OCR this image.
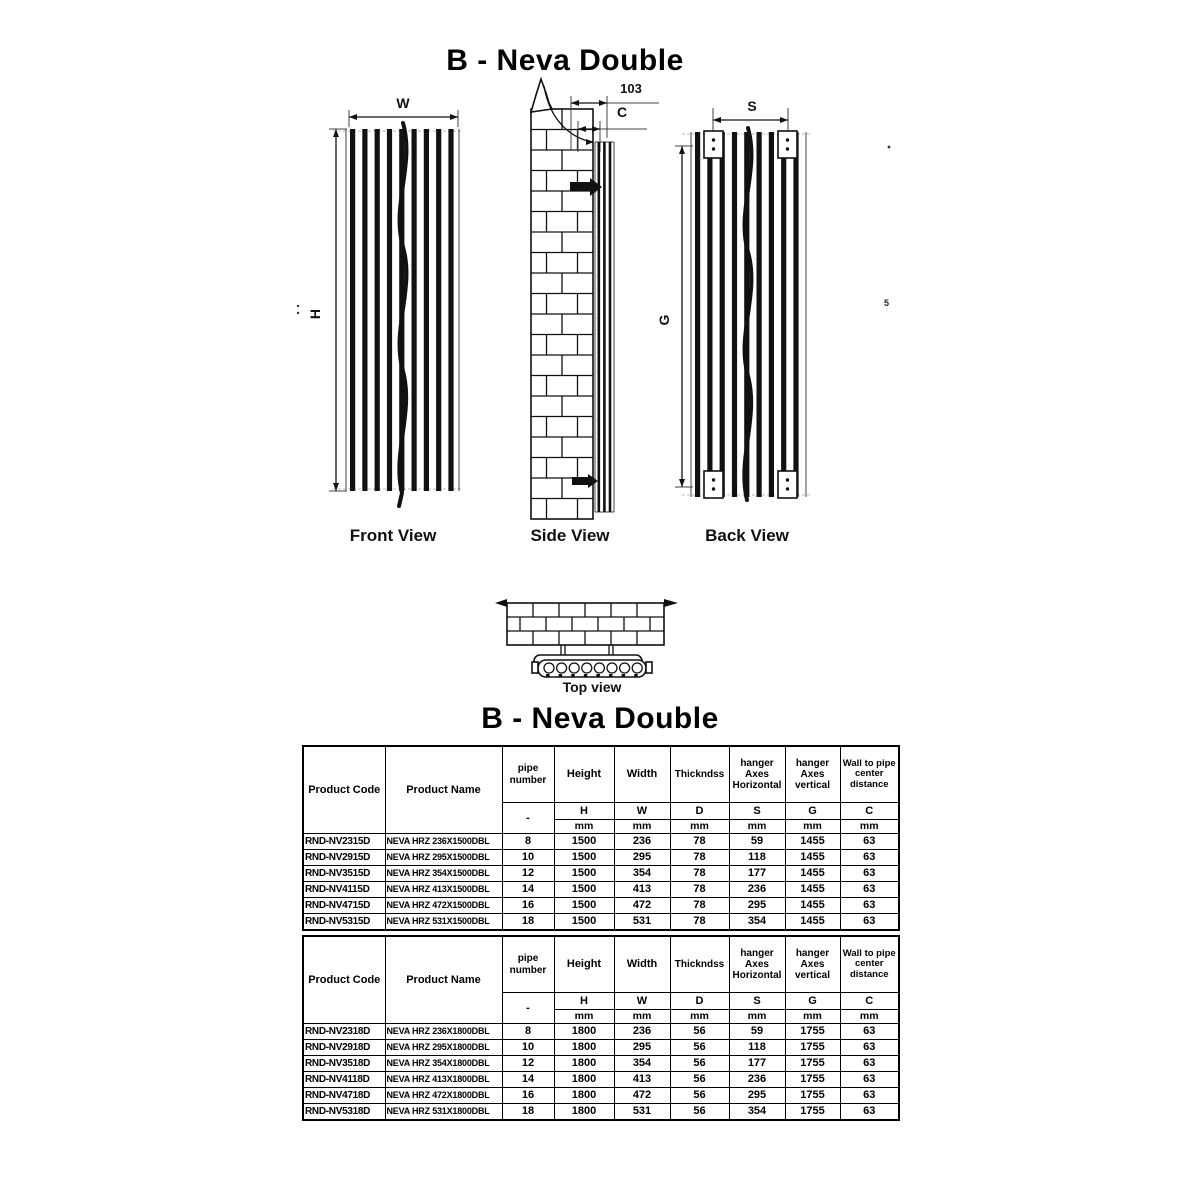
B - Neva Double
W
H
Front View
103
C
Side View
S
G
Back View
5
Top view
B - Neva Double
Product Code	Product Name	pipe number	Height	Width	Thickndss	hanger Axes Horizontal	hanger Axes vertical	Wall to pipe center distance
		-	H	W	D	S	G	C
			mm	mm	mm	mm	mm	mm
RND-NV2315D	NEVA HRZ 236X1500DBL	8	1500	236	78	59	1455	63
RND-NV2915D	NEVA HRZ 295X1500DBL	10	1500	295	78	118	1455	63
RND-NV3515D	NEVA HRZ 354X1500DBL	12	1500	354	78	177	1455	63
RND-NV4115D	NEVA HRZ 413X1500DBL	14	1500	413	78	236	1455	63
RND-NV4715D	NEVA HRZ 472X1500DBL	16	1500	472	78	295	1455	63
RND-NV5315D	NEVA HRZ 531X1500DBL	18	1500	531	78	354	1455	63
Product Code	Product Name	pipe number	Height	Width	Thickndss	hanger Axes Horizontal	hanger Axes vertical	Wall to pipe center distance
		-	H	W	D	S	G	C
			mm	mm	mm	mm	mm	mm
RND-NV2318D	NEVA HRZ 236X1800DBL	8	1800	236	56	59	1755	63
RND-NV2918D	NEVA HRZ 295X1800DBL	10	1800	295	56	118	1755	63
RND-NV3518D	NEVA HRZ 354X1800DBL	12	1800	354	56	177	1755	63
RND-NV4118D	NEVA HRZ 413X1800DBL	14	1800	413	56	236	1755	63
RND-NV4718D	NEVA HRZ 472X1800DBL	16	1800	472	56	295	1755	63
RND-NV5318D	NEVA HRZ 531X1800DBL	18	1800	531	56	354	1755	63
